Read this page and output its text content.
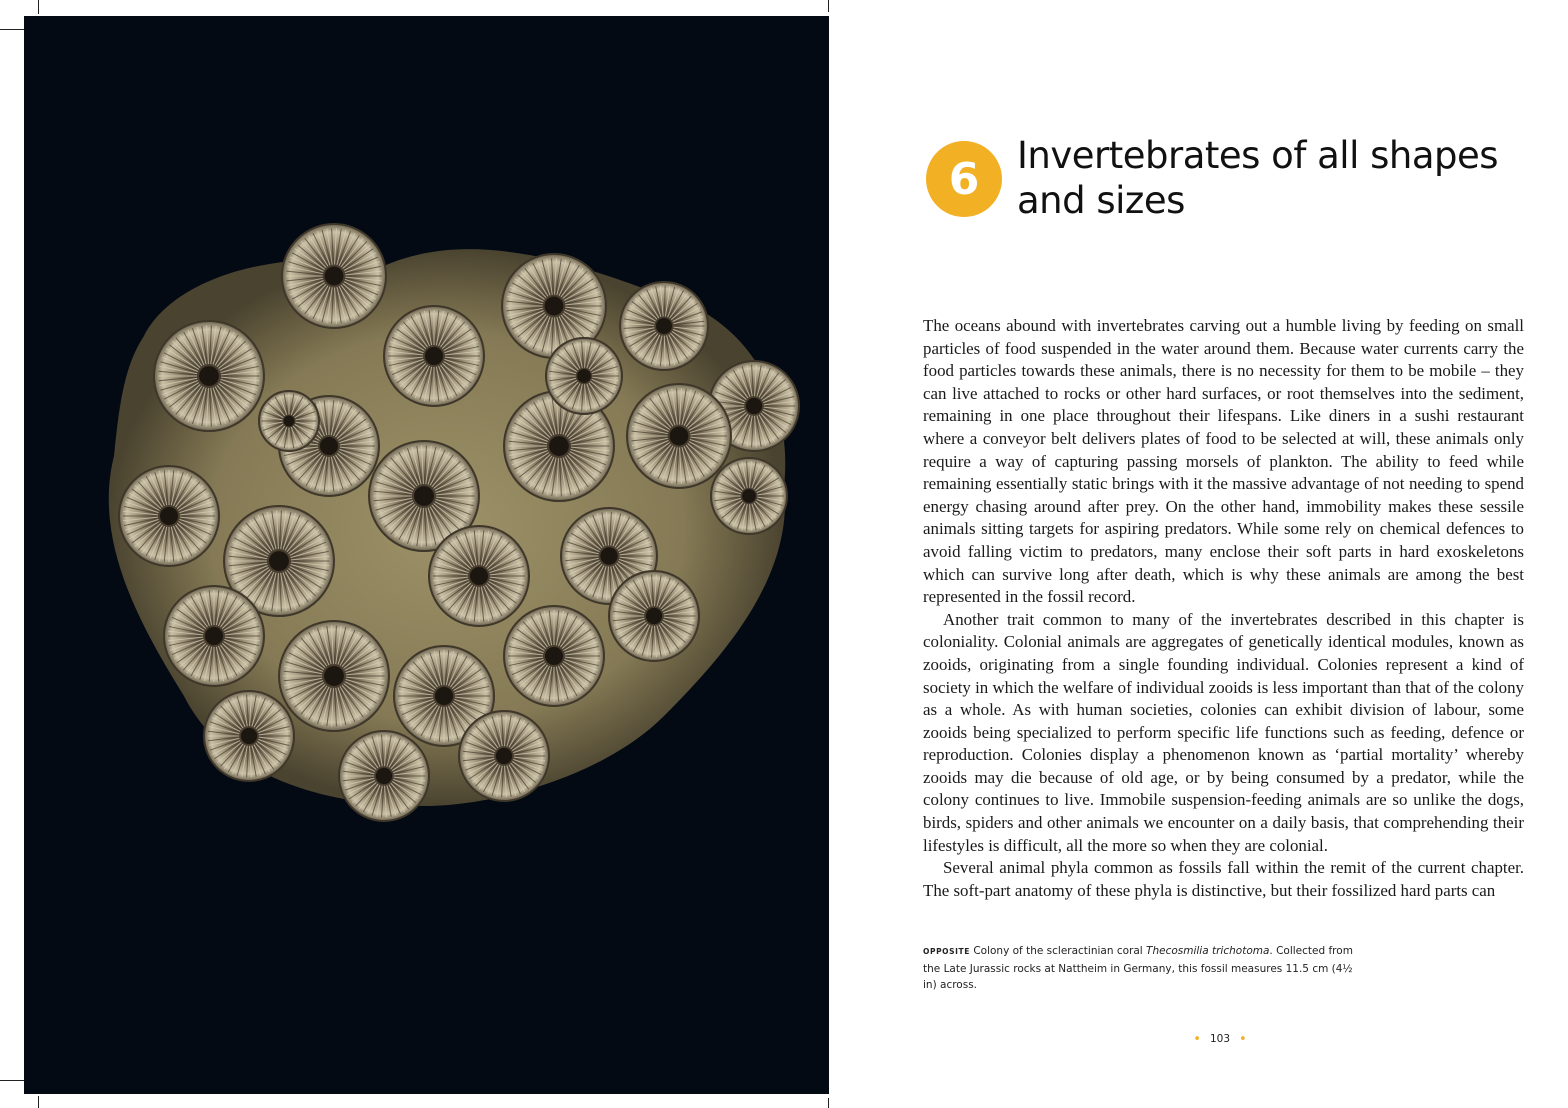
6 Invertebrates of all shapes and sizes

The oceans abound with invertebrates carving out a humble living by feeding on small particles of food suspended in the water around them. Because water currents carry the food particles towards these animals, there is no necessity for them to be mobile – they can live attached to rocks or other hard surfaces, or root themselves into the sediment, remaining in one place throughout their lifespans. Like diners in a sushi restaurant where a conveyor belt delivers plates of food to be selected at will, these animals only require a way of capturing passing morsels of plankton. The ability to feed while remaining essentially static brings with it the massive advantage of not needing to spend energy chasing around after prey. On the other hand, immobility makes these sessile animals sitting targets for aspiring predators. While some rely on chemical defences to avoid falling victim to predators, many enclose their soft parts in hard exoskeletons which can survive long after death, which is why these animals are among the best represented in the fossil record.

Another trait common to many of the invertebrates described in this chapter is coloniality. Colonial animals are aggregates of genetically identical modules, known as zooids, originating from a single founding individual. Colonies represent a kind of society in which the welfare of individual zooids is less important than that of the colony as a whole. As with human societies, colonies can exhibit division of labour, some zooids being specialized to perform specific life functions such as feeding, defence or reproduction. Colonies display a phenomenon known as ‘partial mortality’ whereby zooids may die because of old age, or by being consumed by a predator, while the colony continues to live. Immobile suspension-feeding animals are so unlike the dogs, birds, spiders and other animals we encounter on a daily basis, that comprehending their lifestyles is difficult, all the more so when they are colonial.

Several animal phyla common as fossils fall within the remit of the current chapter. The soft-part anatomy of these phyla is distinctive, but their fossilized hard parts can

OPPOSITE Colony of the scleractinian coral Thecosmilia trichotoma. Collected from the Late Jurassic rocks at Nattheim in Germany, this fossil measures 11.5 cm (4½ in) across.
• 103 •
